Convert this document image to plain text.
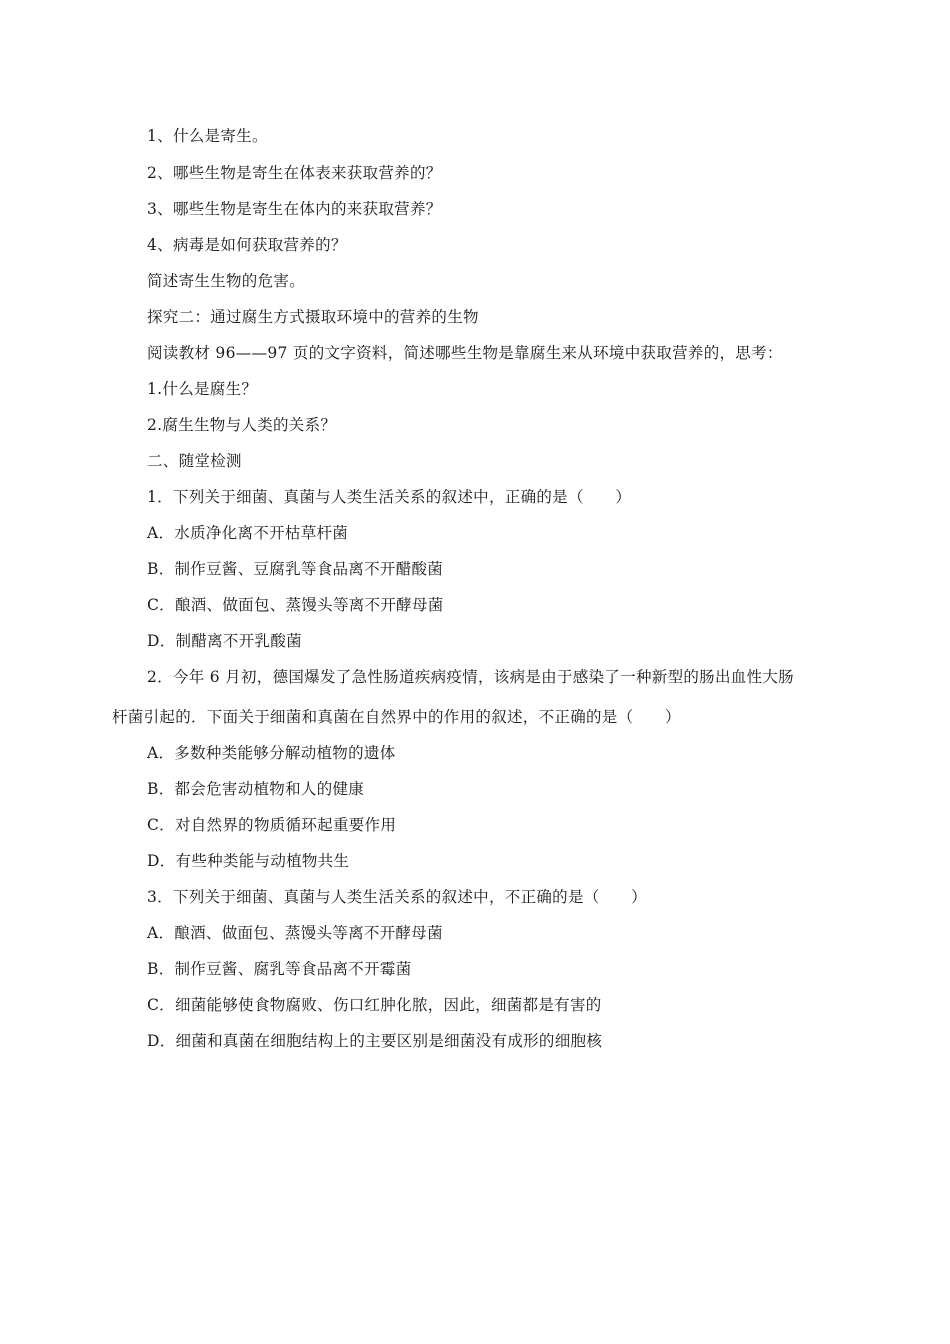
1、什么是寄生。
2、哪些生物是寄生在体表来获取营养的？
3、哪些生物是寄生在体内的来获取营养？
4、病毒是如何获取营养的？
简述寄生生物的危害。
探究二：通过腐生方式摄取环境中的营养的生物
阅读教材 96——97 页的文字资料，简述哪些生物是靠腐生来从环境中获取营养的，思考：
1.什么是腐生？
2.腐生生物与人类的关系？
二、随堂检测
1．下列关于细菌、真菌与人类生活关系的叙述中，正确的是（　　）
A．水质净化离不开枯草杆菌
B．制作豆酱、豆腐乳等食品离不开醋酸菌
C．酿酒、做面包、蒸馒头等离不开酵母菌
D．制醋离不开乳酸菌
2．今年 6 月初，德国爆发了急性肠道疾病疫情，该病是由于感染了一种新型的肠出血性大肠
杆菌引起的．下面关于细菌和真菌在自然界中的作用的叙述，不正确的是（　　）
A．多数种类能够分解动植物的遗体
B．都会危害动植物和人的健康
C．对自然界的物质循环起重要作用
D．有些种类能与动植物共生
3．下列关于细菌、真菌与人类生活关系的叙述中，不正确的是（　　）
A．酿酒、做面包、蒸馒头等离不开酵母菌
B．制作豆酱、腐乳等食品离不开霉菌
C．细菌能够使食物腐败、伤口红肿化脓，因此，细菌都是有害的
D．细菌和真菌在细胞结构上的主要区别是细菌没有成形的细胞核
